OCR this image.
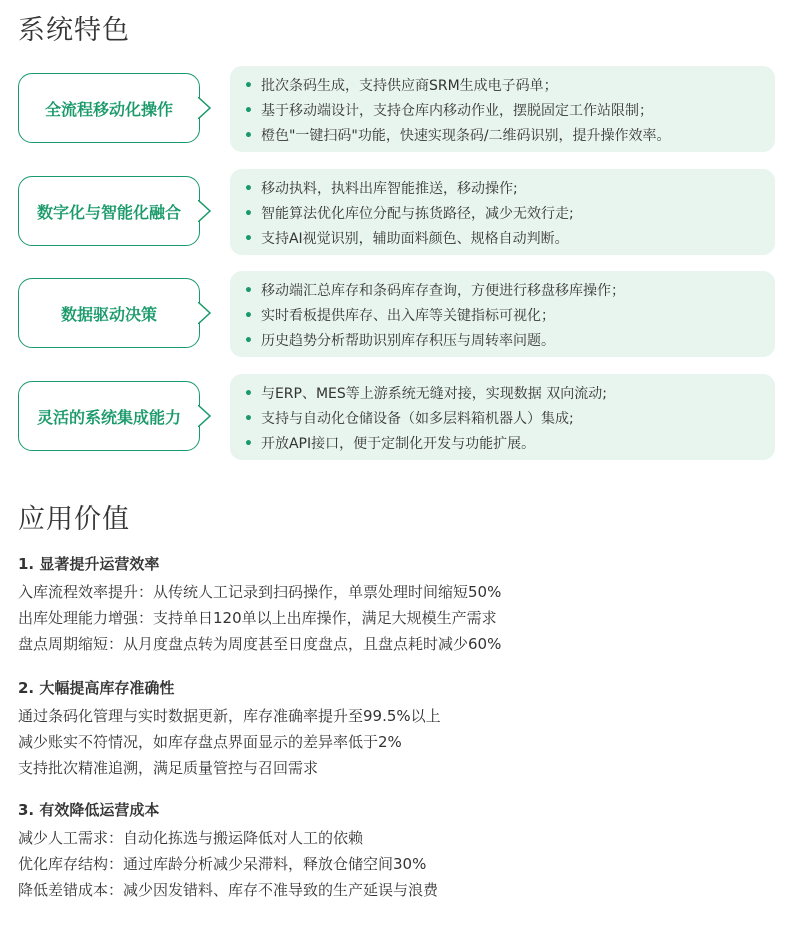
系统特色
全流程移动化操作
• 批次条码生成，支持供应商SRM生成电子码单；
• 基于移动端设计，支持仓库内移动作业，摆脱固定工作站限制；
• 橙色"一键扫码"功能，快速实现条码/二维码识别，提升操作效率。
数字化与智能化融合
• 移动执料，执料出库智能推送，移动操作;
• 智能算法优化库位分配与拣货路径，减少无效行走;
• 支持AI视觉识别，辅助面料颜色、规格自动判断。
数据驱动决策
• 移动端汇总库存和条码库存查询，方便进行移盘移库操作；
• 实时看板提供库存、出入库等关键指标可视化；
• 历史趋势分析帮助识别库存积压与周转率问题。
灵活的系统集成能力
• 与ERP、MES等上游系统无缝对接，实现数据 双向流动;
• 支持与自动化仓储设备（如多层料箱机器人）集成;
• 开放API接口，便于定制化开发与功能扩展。
应用价值
1. 显著提升运营效率
入库流程效率提升：从传统人工记录到扫码操作，单票处理时间缩短50%
出库处理能力增强：支持单日120单以上出库操作，满足大规模生产需求
盘点周期缩短：从月度盘点转为周度甚至日度盘点，且盘点耗时减少60%
2. 大幅提高库存准确性
通过条码化管理与实时数据更新，库存准确率提升至99.5%以上
减少账实不符情况，如库存盘点界面显示的差异率低于2%
支持批次精准追溯，满足质量管控与召回需求
3. 有效降低运营成本
减少人工需求：自动化拣选与搬运降低对人工的依赖
优化库存结构：通过库龄分析减少呆滞料，释放仓储空间30%
降低差错成本：减少因发错料、库存不准导致的生产延误与浪费
